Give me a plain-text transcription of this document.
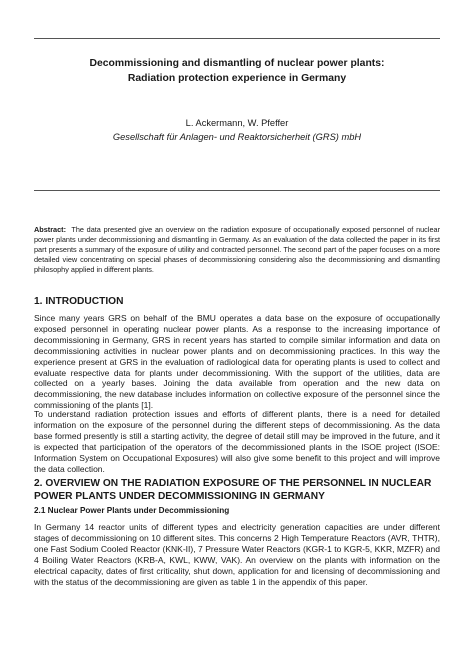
Decommissioning and dismantling of nuclear power plants:
Radiation protection experience in Germany
L. Ackermann, W. Pfeffer
Gesellschaft für Anlagen- und Reaktorsicherheit (GRS) mbH
Abstract: The data presented give an overview on the radiation exposure of occupationally exposed personnel of nuclear power plants under decommissioning and dismantling in Germany. As an evaluation of the data collected the paper in its first part presents a summary of the exposure of utility and contracted personnel. The second part of the paper focuses on a more detailed view concentrating on special phases of decommissioning considering also the decommissioning and dismantling philosophy applied in different plants.
1. INTRODUCTION
Since many years GRS on behalf of the BMU operates a data base on the exposure of occupationally exposed personnel in operating nuclear power plants. As a response to the increasing importance of decommissioning in Germany, GRS in recent years has started to compile similar information and data on decommissioning activities in nuclear power plants and on decommissioning practices. In this way the experience present at GRS in the evaluation of radiological data for operating plants is used to collect and evaluate respective data for plants under decommissioning. With the support of the utilities, data are collected on a yearly bases. Joining the data available from operation and the new data on decommissioning, the new database includes information on collective exposure of the personnel since the commissioning of the plants [1].
To understand radiation protection issues and efforts of different plants, there is a need for detailed information on the exposure of the personnel during the different steps of decommissioning. As the data base formed presently is still a starting activity, the degree of detail still may be improved in the future, and it is expected that participation of the operators of the decommissioned plants in the ISOE project (ISOE: Information System on Occupational Exposures) will also give some benefit to this project and will improve the data collection.
2. OVERVIEW ON THE RADIATION EXPOSURE OF THE PERSONNEL IN NUCLEAR
POWER PLANTS UNDER DECOMMISSIONING IN GERMANY
2.1 Nuclear Power Plants under Decommissioning
In Germany 14 reactor units of different types and electricity generation capacities are under different stages of decommissioning on 10 different sites. This concerns 2 High Temperature Reactors (AVR, THTR), one Fast Sodium Cooled Reactor (KNK-II), 7 Pressure Water Reactors (KGR-1 to KGR-5, KKR, MZFR) and 4 Boiling Water Reactors (KRB-A, KWL, KWW, VAK). An overview on the plants with information on the electrical capacity, dates of first criticality, shut down, application for and licensing of decommissioning and with the status of the decommissioning are given as table 1 in the appendix of this paper.
